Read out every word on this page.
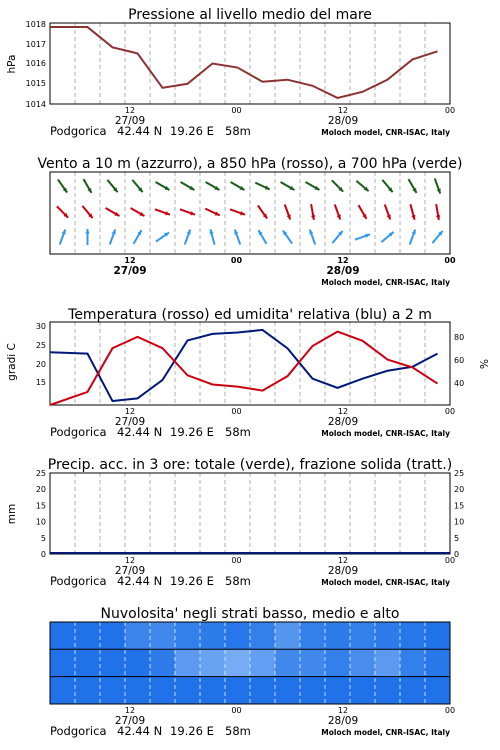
Pressione al livello medio del mare
hPa
1014
1015
1016
1017
1018
12	00	12	00
27/09	28/09
Podgorica 42.44 N 19.26 E 58m	Moloch model, CNR-ISAC, Italy
Vento a 10 m (azzurro), a 850 hPa (rosso), a 700 hPa (verde)
12	00	12	00
27/09	28/09
Moloch model, CNR-ISAC, Italy
Temperatura (rosso) ed umidita' relativa (blu) a 2 m
gradi C	%
15
20
25
30
40
60
80
12	00	12	00
27/09	28/09
Podgorica 42.44 N 19.26 E 58m	Moloch model, CNR-ISAC, Italy
Precip. acc. in 3 ore: totale (verde), frazione solida (tratt.)
mm
0	0
5	5
10	10
15	15
20	20
25	25
12	00	12	00
27/09	28/09
Podgorica 42.44 N 19.26 E 58m	Moloch model, CNR-ISAC, Italy
Nuvolosita' negli strati basso, medio e alto
12	00	12	00
27/09	28/09
Podgorica 42.44 N 19.26 E 58m	Moloch model, CNR-ISAC, Italy
